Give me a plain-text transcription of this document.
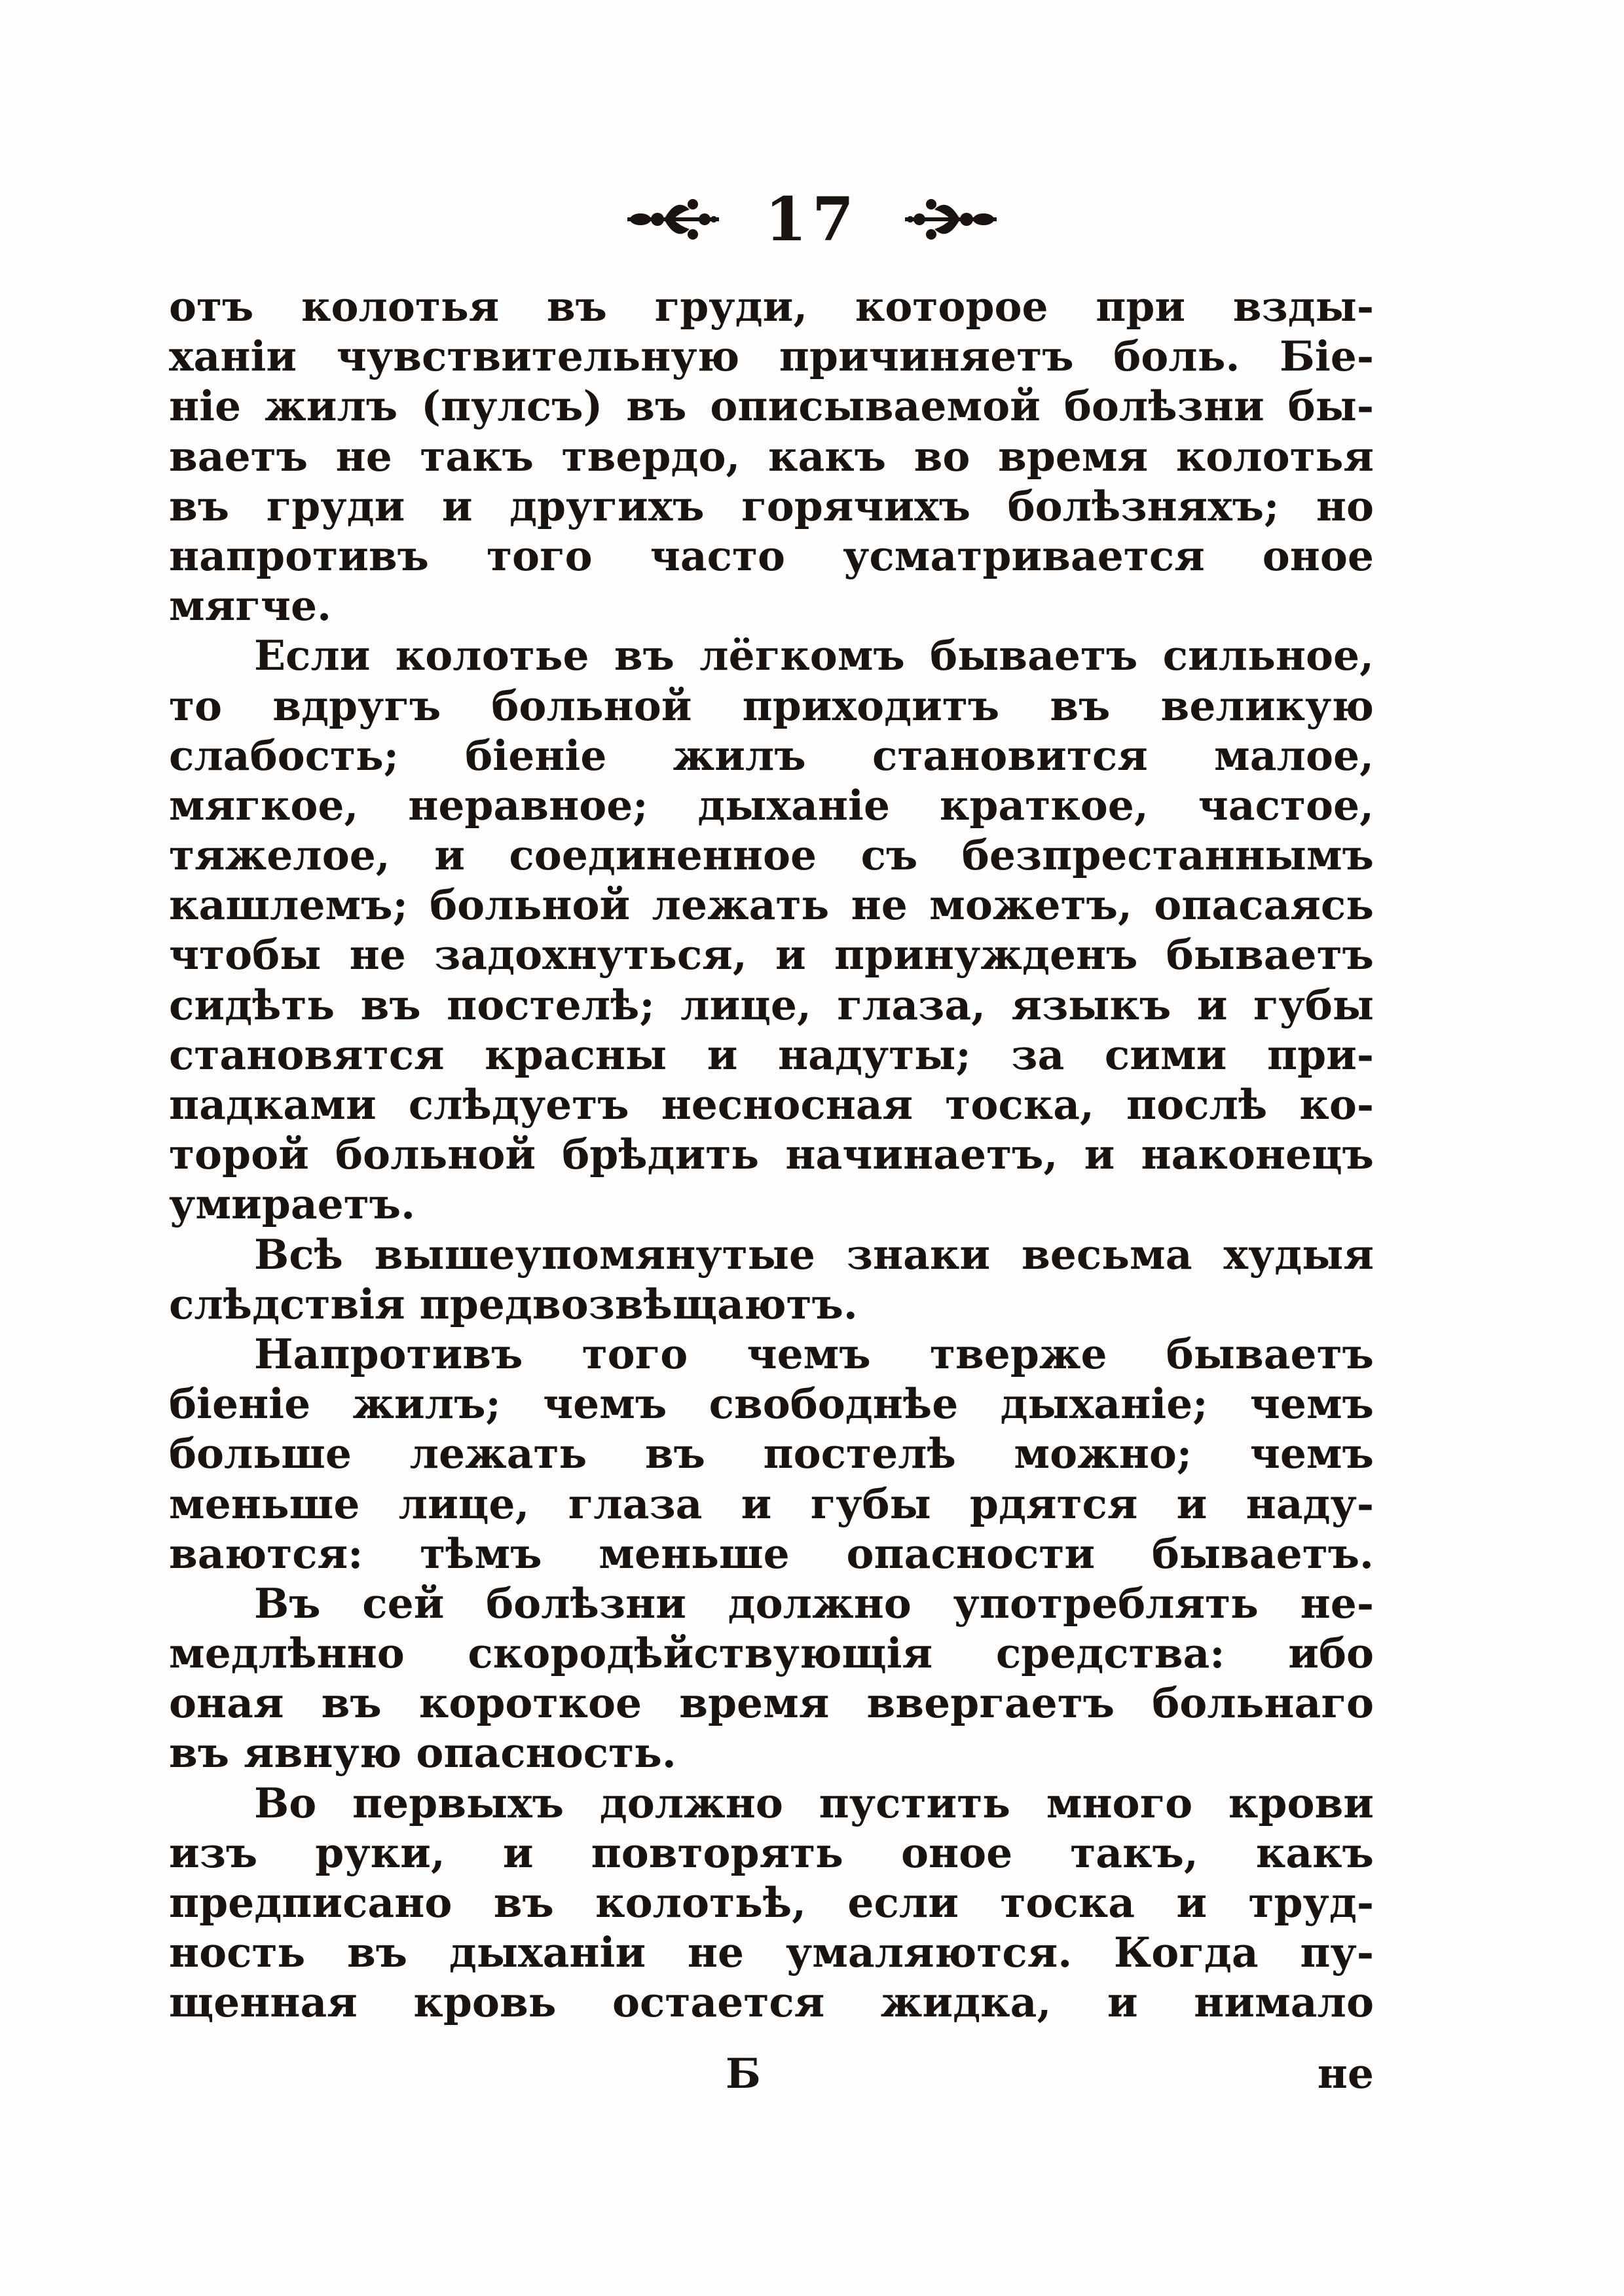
17
отъ колотья въ груди, которое при взды-
ханіи чувствительную причиняетъ боль. Біе-
ніе жилъ (пулсъ) въ описываемой болѣзни бы-
ваетъ не такъ твердо, какъ во время колотья
въ груди и другихъ горячихъ болѣзняхъ; но
напротивъ того часто усматривается оное
мягче.
Если колотье въ лёгкомъ бываетъ сильное,
то вдругъ больной приходитъ въ великую
слабость; біеніе жилъ становится малое,
мягкое, неравное; дыханіе краткое, частое,
тяжелое, и соединенное съ безпрестаннымъ
кашлемъ; больной лежать не можетъ, опасаясь
чтобы не задохнуться, и принужденъ бываетъ
сидѣть въ постелѣ; лице, глаза, языкъ и губы
становятся красны и надуты; за сими при-
падками слѣдуетъ несносная тоска, послѣ ко-
торой больной брѣдить начинаетъ, и наконецъ
умираетъ.
Всѣ вышеупомянутые знаки весьма худыя
слѣдствія предвозвѣщаютъ.
Напротивъ того чемъ тверже бываетъ
біеніе жилъ; чемъ свободнѣе дыханіе; чемъ
больше лежать въ постелѣ можно; чемъ
меньше лице, глаза и губы рдятся и наду-
ваются: тѣмъ меньше опасности бываетъ.
Въ сей болѣзни должно употреблять не-
медлѣнно скородѣйствующія средства: ибо
оная въ короткое время ввергаетъ больнаго
въ явную опасность.
Во первыхъ должно пустить много крови
изъ руки, и повторять оное такъ, какъ
предписано въ колотьѣ, если тоска и труд-
ность въ дыханіи не умаляются. Когда пу-
щенная кровь остается жидка, и нимало
Б	не
